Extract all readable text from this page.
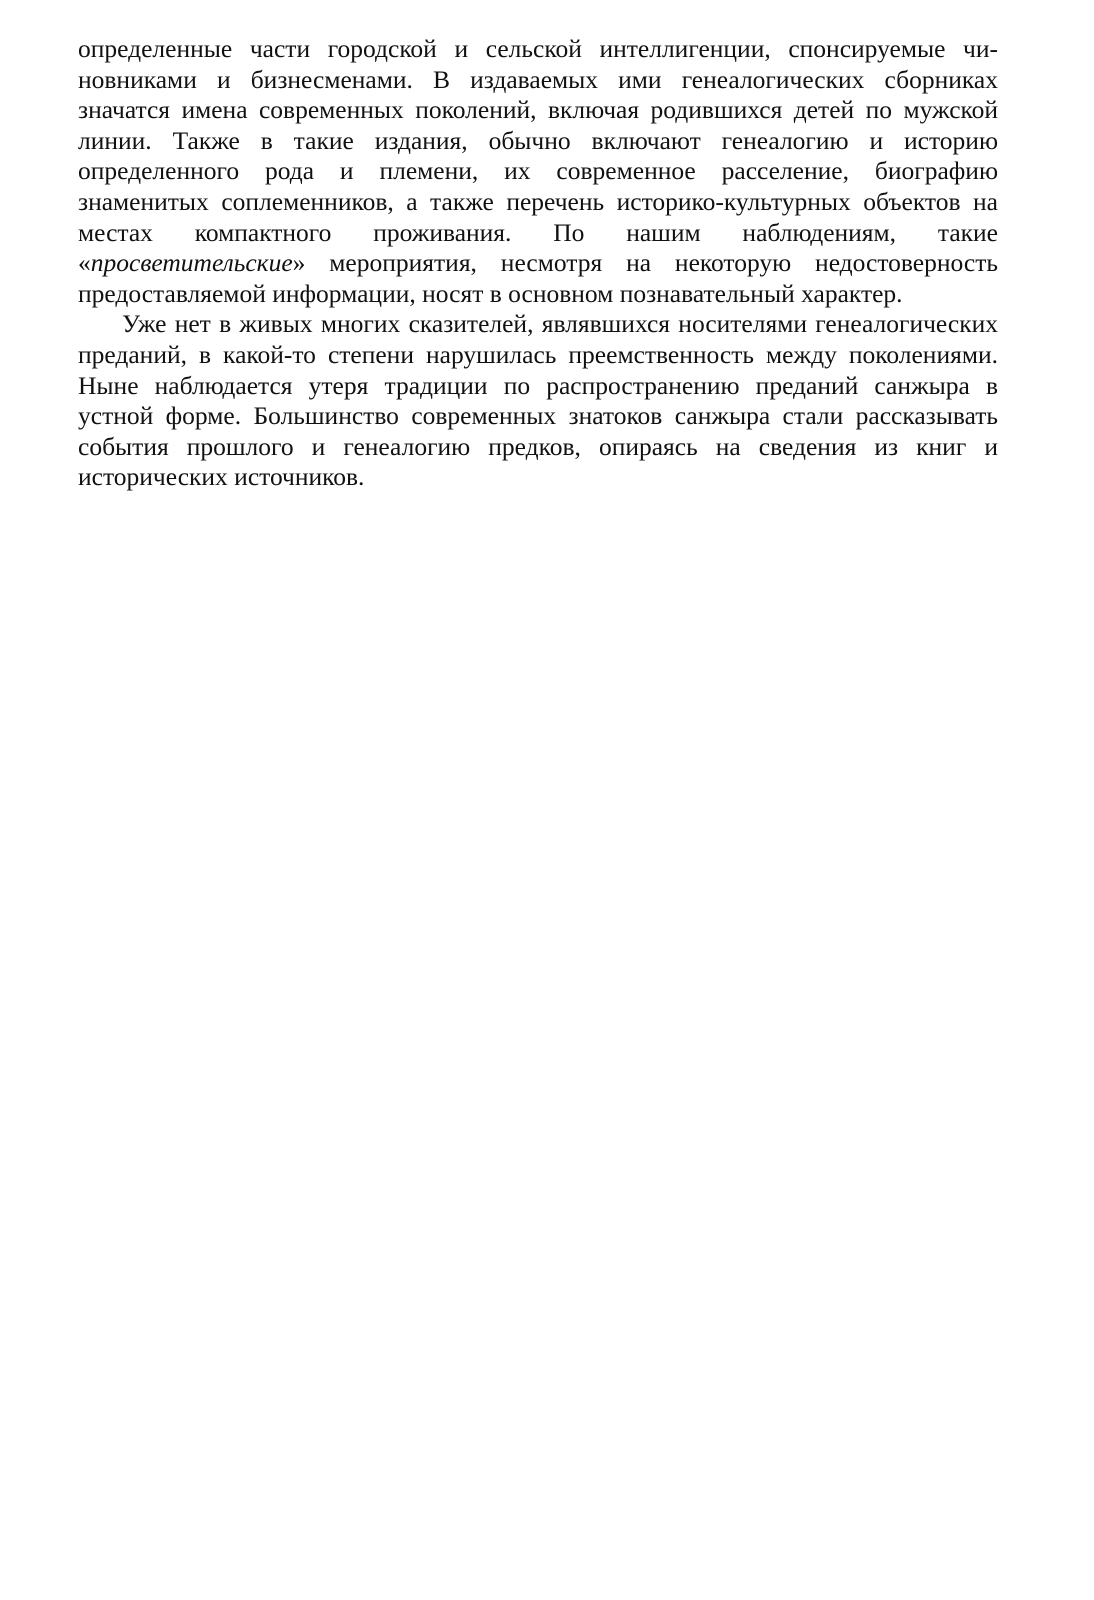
определенные части городской и сельской интеллигенции, спонсируемые чиновниками и бизнесменами. В издаваемых ими генеалогических сборниках значатся имена современных поколений, включая родившихся детей по мужской линии. Также в такие издания, обычно включают генеалогию и историю определенного рода и племени, их современное расселение, биографию знаменитых соплеменников, а также перечень историко-культурных объектов на местах компактного проживания. По нашим наблюдениям, такие «просветительские» мероприятия, несмотря на некоторую недостоверность предоставляемой информации, носят в основном познавательный характер.

Уже нет в живых многих сказителей, являвшихся носителями генеалогических преданий, в какой-то степени нарушилась преемственность между поколениями. Ныне наблюдается утеря традиции по распространению преданий санжыра в устной форме. Большинство современных знатоков санжыра стали рассказывать события прошлого и генеалогию предков, опираясь на сведения из книг и исторических источников.
